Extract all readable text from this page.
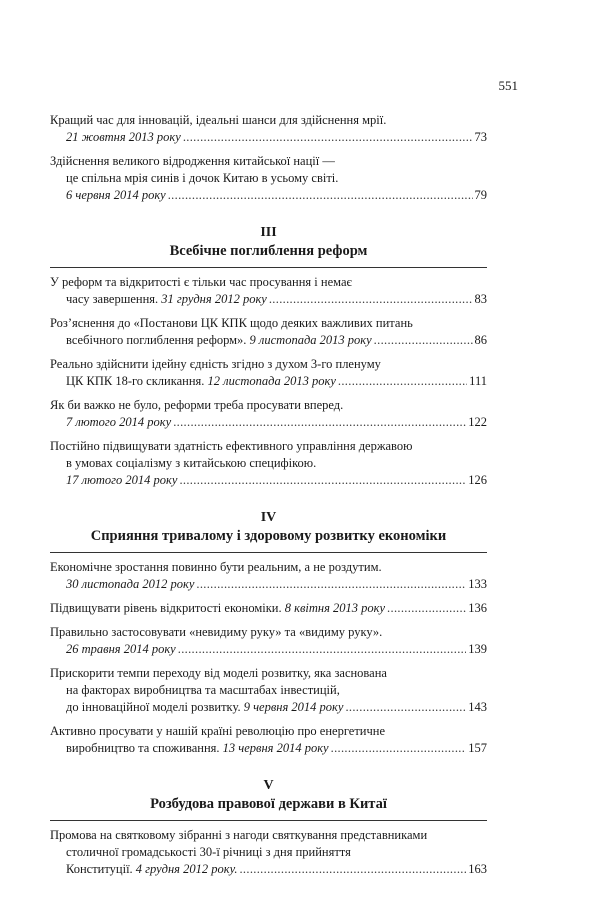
551
Кращий час для інновацій, ідеальні шанси для здійснення мрії.
21 жовтня 2013 року . . .	73
Здійснення великого відродження китайської нації —
це спільна мрія синів і дочок Китаю в усьому світі.
6 червня 2014 року . . .	79
III
Всебічне поглиблення реформ
У реформ та відкритості є тільки час просування і немає
часу завершення. 31 грудня 2012 року . . .	83
Роз’яснення до «Постанови ЦК КПК щодо деяких важливих питань
всебічного поглиблення реформ». 9 листопада 2013 року . . .	86
Реально здійснити ідейну єдність згідно з духом 3-го пленуму
ЦК КПК 18-го скликання. 12 листопада 2013 року . . .	111
Як би важко не було, реформи треба просувати вперед.
7 лютого 2014 року . . .	122
Постійно підвищувати здатність ефективного управління державою
в умовах соціалізму з китайською специфікою.
17 лютого 2014 року . . .	126
IV
Сприяння тривалому і здоровому розвитку економіки
Економічне зростання повинно бути реальним, а не роздутим.
30 листопада 2012 року . . .	133
Підвищувати рівень відкритості економіки. 8 квітня 2013 року . . .	136
Правильно застосовувати «невидиму руку» та «видиму руку».
26 травня 2014 року . . .	139
Прискорити темпи переходу від моделі розвитку, яка заснована
на факторах виробництва та масштабах інвестицій,
до інноваційної моделі розвитку. 9 червня 2014 року . . .	143
Активно просувати у нашій країні революцію про енергетичне
виробництво та споживання. 13 червня 2014 року . . .	157
V
Розбудова правової держави в Китаї
Промова на святковому зібранні з нагоди святкування представниками
столичної громадськості 30-ї річниці з дня прийняття
Конституції. 4 грудня 2012 року. . . .	163
